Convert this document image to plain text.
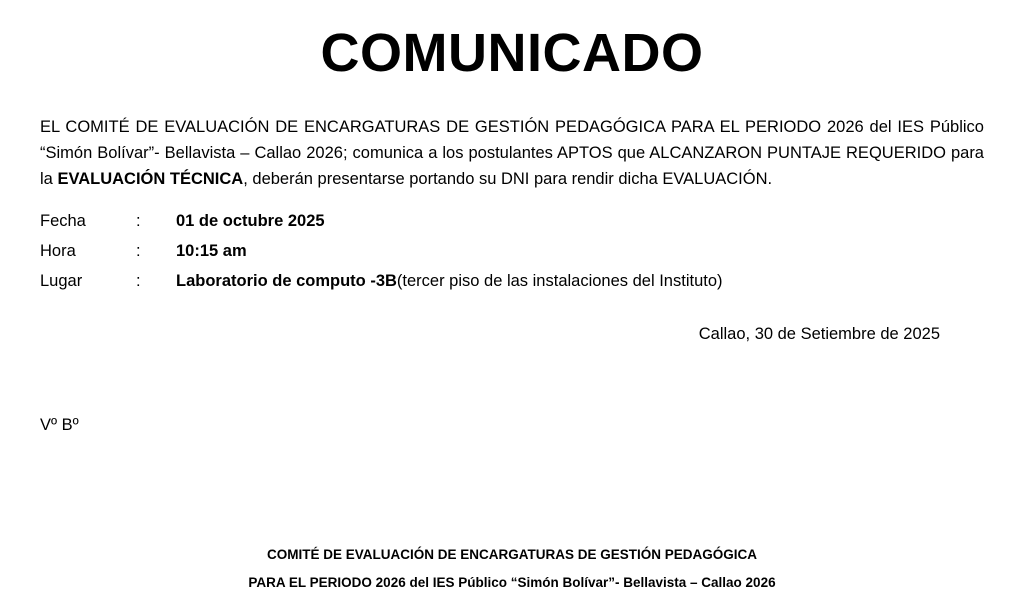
COMUNICADO

EL COMITÉ DE EVALUACIÓN DE ENCARGATURAS DE GESTIÓN PEDAGÓGICA PARA EL PERIODO 2026 del IES Público “Simón Bolívar”- Bellavista – Callao 2026; comunica a los postulantes APTOS que ALCANZARON PUNTAJE REQUERIDO para la EVALUACIÓN TÉCNICA, deberán presentarse portando su DNI para rendir dicha EVALUACIÓN.

Fecha	:	01 de octubre 2025
Hora	:	10:15 am
Lugar	:	Laboratorio de computo -3B (tercer piso de las instalaciones del Instituto)
Callao, 30 de Setiembre de 2025
Vº Bº
COMITÉ DE EVALUACIÓN DE ENCARGATURAS DE GESTIÓN PEDAGÓGICA
PARA EL PERIODO 2026 del IES Público “Simón Bolívar”- Bellavista – Callao 2026
